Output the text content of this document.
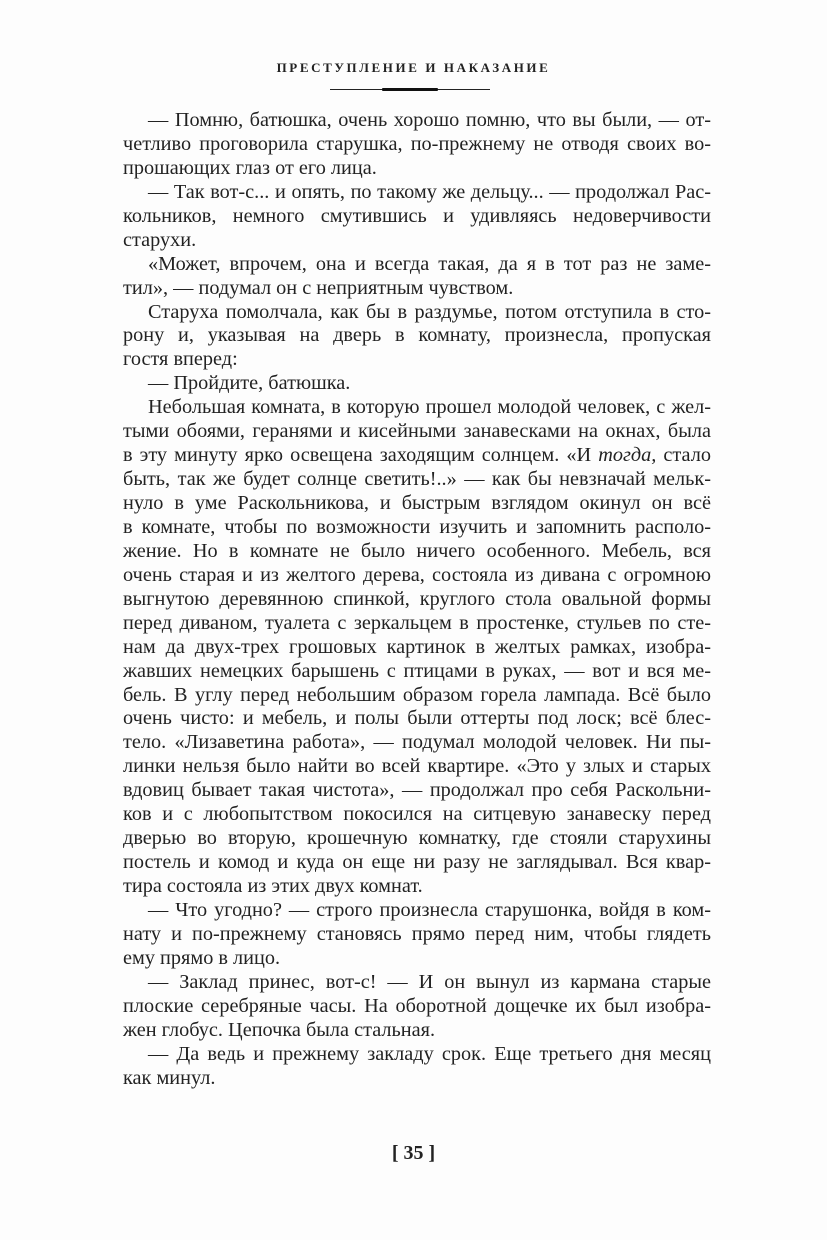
ПРЕСТУПЛЕНИЕ И НАКАЗАНИЕ
— Помню, батюшка, очень хорошо помню, что вы были, — от-
четливо проговорила старушка, по-прежнему не отводя своих во-
прошающих глаз от его лица.
— Так вот-с... и опять, по такому же дельцу... — продолжал Рас-
кольников, немного смутившись и удивляясь недоверчивости
старухи.
«Может, впрочем, она и всегда такая, да я в тот раз не заме-
тил», — подумал он с неприятным чувством.
Старуха помолчала, как бы в раздумье, потом отступила в сто-
рону и, указывая на дверь в комнату, произнесла, пропуская
гостя вперед:
— Пройдите, батюшка.
Небольшая комната, в которую прошел молодой человек, с жел-
тыми обоями, геранями и кисейными занавесками на окнах, была
в эту минуту ярко освещена заходящим солнцем. «И тогда, стало
быть, так же будет солнце светить!..» — как бы невзначай мельк-
нуло в уме Раскольникова, и быстрым взглядом окинул он всё
в комнате, чтобы по возможности изучить и запомнить располо-
жение. Но в комнате не было ничего особенного. Мебель, вся
очень старая и из желтого дерева, состояла из дивана с огромною
выгнутою деревянною спинкой, круглого стола овальной формы
перед диваном, туалета с зеркальцем в простенке, стульев по сте-
нам да двух-трех грошовых картинок в желтых рамках, изобра-
жавших немецких барышень с птицами в руках, — вот и вся ме-
бель. В углу перед небольшим образом горела лампада. Всё было
очень чисто: и мебель, и полы были оттерты под лоск; всё блес-
тело. «Лизаветина работа», — подумал молодой человек. Ни пы-
линки нельзя было найти во всей квартире. «Это у злых и старых
вдовиц бывает такая чистота», — продолжал про себя Раскольни-
ков и с любопытством покосился на ситцевую занавеску перед
дверью во вторую, крошечную комнатку, где стояли старухины
постель и комод и куда он еще ни разу не заглядывал. Вся квар-
тира состояла из этих двух комнат.
— Что угодно? — строго произнесла старушонка, войдя в ком-
нату и по-прежнему становясь прямо перед ним, чтобы глядеть
ему прямо в лицо.
— Заклад принес, вот-с! — И он вынул из кармана старые
плоские серебряные часы. На оборотной дощечке их был изобра-
жен глобус. Цепочка была стальная.
— Да ведь и прежнему закладу срок. Еще третьего дня месяц
как минул.
[ 35 ]
